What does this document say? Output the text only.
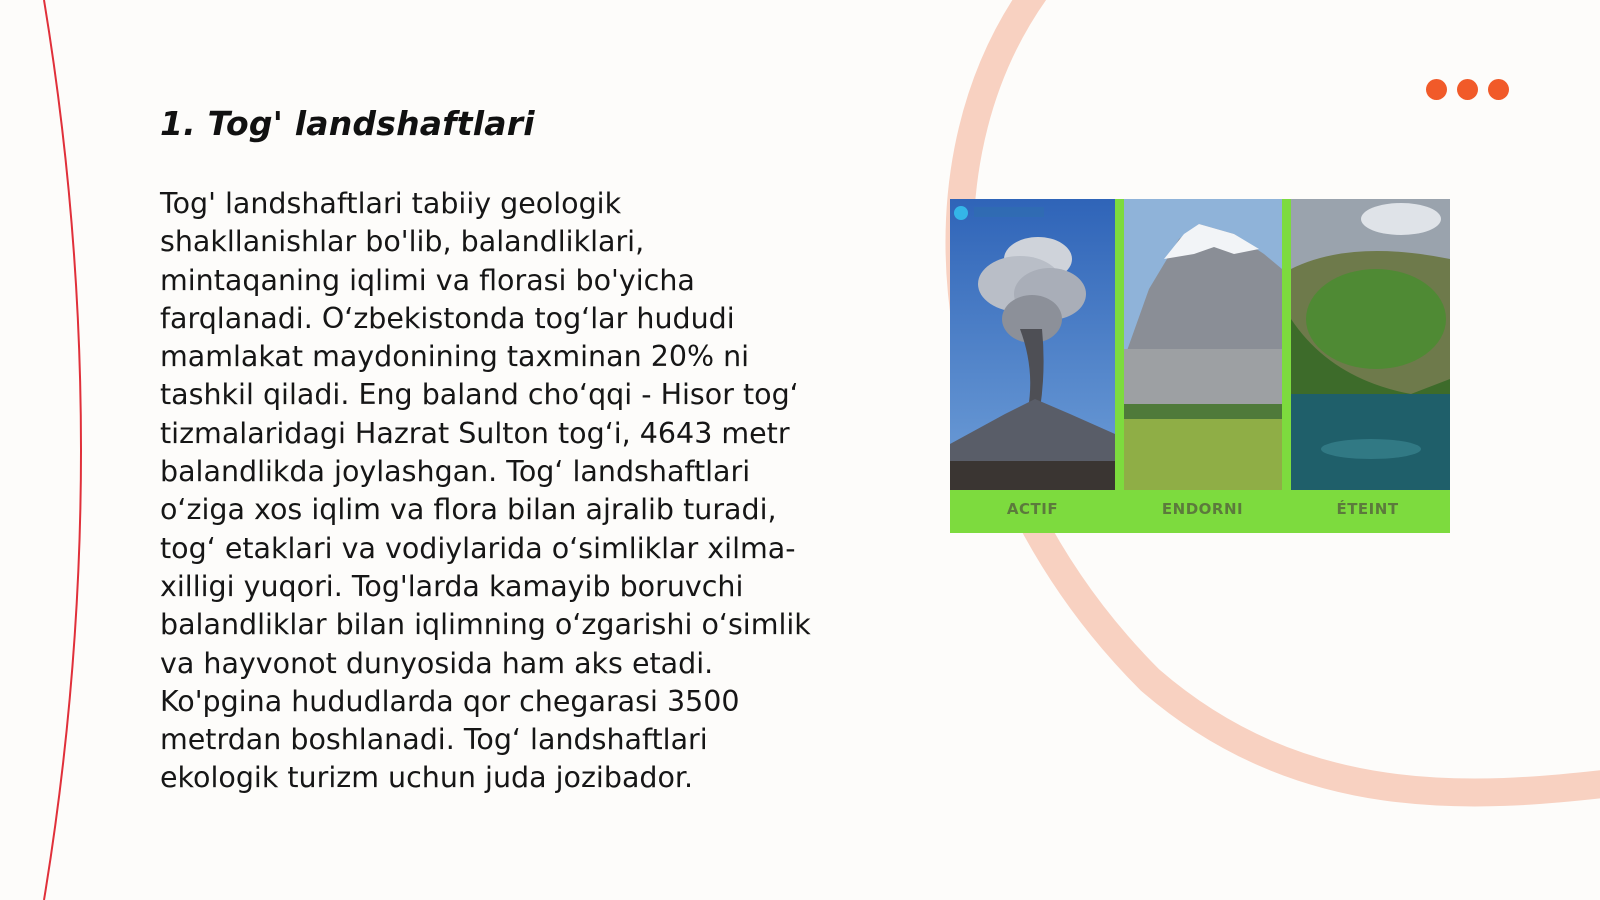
1. Tog' landshaftlari

Tog' landshaftlari tabiiy geologik
shakllanishlar bo'lib, balandliklari,
mintaqaning iqlimi va florasi bo'yicha
farqlanadi. O‘zbekistonda tog‘lar hududi
mamlakat maydonining taxminan 20% ni
tashkil qiladi. Eng baland cho‘qqi - Hisor tog‘
tizmalaridagi Hazrat Sulton tog‘i, 4643 metr
balandlikda joylashgan. Tog‘ landshaftlari
o‘ziga xos iqlim va flora bilan ajralib turadi,
tog‘ etaklari va vodiylarida o‘simliklar xilma-
xilligi yuqori. Tog'larda kamayib boruvchi
balandliklar bilan iqlimning o‘zgarishi o‘simlik
va hayvonot dunyosida ham aks etadi.
Ko'pgina hududlarda qor chegarasi 3500
metrdan boshlanadi. Tog‘ landshaftlari
ekologik turizm uchun juda jozibador.

ACTIF	ENDORNI	ÉTEINT
